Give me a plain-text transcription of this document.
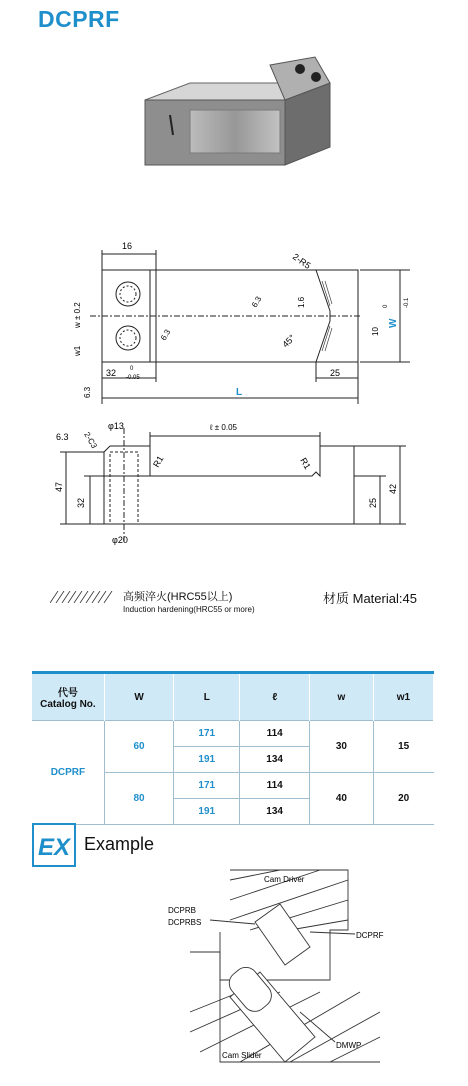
DCPRF
16
2-R5
w ± 0.2
w1
6.3
6.3	1.6
45°
10
W
0	-0.1
32 0
-0.05	25
6.3	L
φ13	ℓ ± 0.05
6.3 2-C3
R1	R1
32
47	42
25
φ20
高频淬火(HRC55以上)
Induction hardening(HRC55 or more)
材质 Material:45
代号
Catalog No.	W	L	ℓ	w	w1
DCPRF	60	171	114	30	15
		191	134		
	80	171	114	40	20
		191	134		
EX Example
Cam Driver
DCPRB
DCPRBS
DCPRF
Cam Slider
DMWP
